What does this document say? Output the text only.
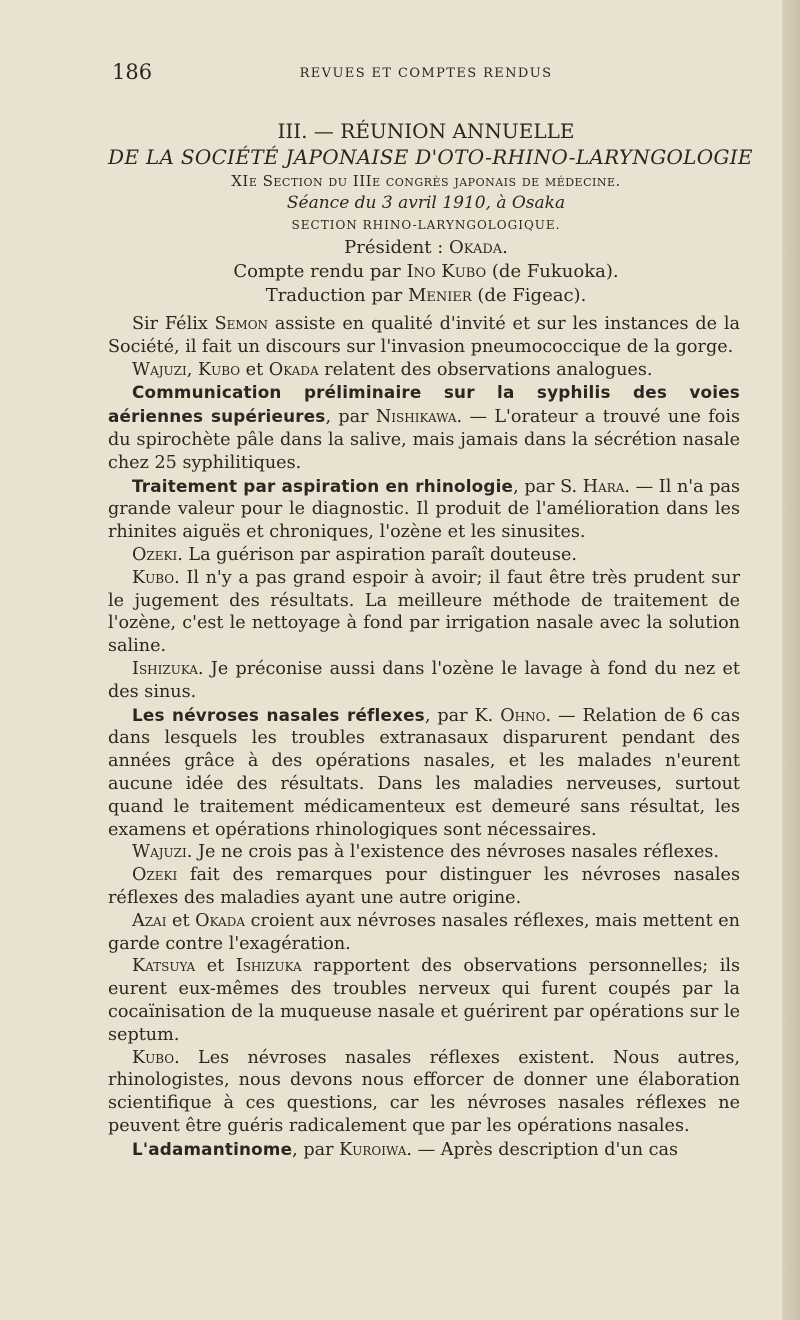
186	REVUES ET COMPTES RENDUS
III. — RÉUNION ANNUELLE
DE LA SOCIÉTÉ JAPONAISE D'OTO-RHINO-LARYNGOLOGIE
XIe Section du IIIe congrès japonais de médecine.
Séance du 3 avril 1910, à Osaka
SECTION RHINO-LARYNGOLOGIQUE.
Président : Okada.
Compte rendu par Ino Kubo (de Fukuoka).
Traduction par Menier (de Figeac).

Sir Félix Semon assiste en qualité d'invité et sur les instances de la Société, il fait un discours sur l'invasion pneumococcique de la gorge.

Wajuzi, Kubo et Okada relatent des observations analogues.

Communication préliminaire sur la syphilis des voies aériennes supérieures, par Nishikawa. — L'orateur a trouvé une fois du spirochète pâle dans la salive, mais jamais dans la sécrétion nasale chez 25 syphilitiques.

Traitement par aspiration en rhinologie, par S. Hara. — Il n'a pas grande valeur pour le diagnostic. Il produit de l'amélioration dans les rhinites aiguës et chroniques, l'ozène et les sinusites.

Ozeki. La guérison par aspiration paraît douteuse.

Kubo. Il n'y a pas grand espoir à avoir; il faut être très prudent sur le jugement des résultats. La meilleure méthode de traitement de l'ozène, c'est le nettoyage à fond par irrigation nasale avec la solution saline.

Ishizuka. Je préconise aussi dans l'ozène le lavage à fond du nez et des sinus.

Les névroses nasales réflexes, par K. Ohno. — Relation de 6 cas dans lesquels les troubles extranasaux disparurent pendant des années grâce à des opérations nasales, et les malades n'eurent aucune idée des résultats. Dans les maladies nerveuses, surtout quand le traitement médicamenteux est demeuré sans résultat, les examens et opérations rhinologiques sont nécessaires.

Wajuzi. Je ne crois pas à l'existence des névroses nasales réflexes.

Ozeki fait des remarques pour distinguer les névroses nasales réflexes des maladies ayant une autre origine.

Azai et Okada croient aux névroses nasales réflexes, mais mettent en garde contre l'exagération.

Katsuya et Ishizuka rapportent des observations personnelles; ils eurent eux-mêmes des troubles nerveux qui furent coupés par la cocaïnisation de la muqueuse nasale et guérirent par opérations sur le septum.

Kubo. Les névroses nasales réflexes existent. Nous autres, rhinologistes, nous devons nous efforcer de donner une élaboration scientifique à ces questions, car les névroses nasales réflexes ne peuvent être guéris radicalement que par les opérations nasales.

L'adamantinome, par Kuroiwa. — Après description d'un cas
